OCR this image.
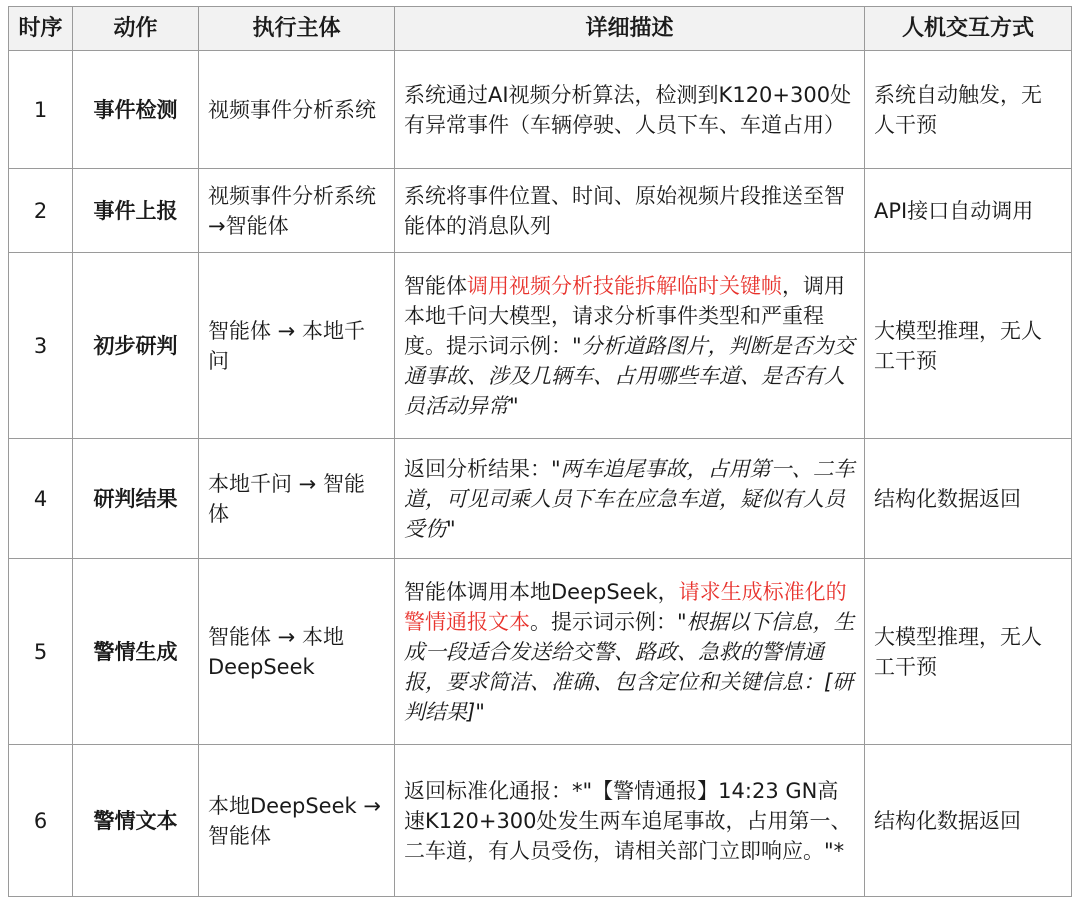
时序	动作	执行主体	详细描述	人机交互方式
1	事件检测	视频事件分析系统	系统通过AI视频分析算法，检测到K120+300处有异常事件（车辆停驶、人员下车、车道占用）	系统自动触发，无人干预
2	事件上报	视频事件分析系统→智能体	系统将事件位置、时间、原始视频片段推送至智能体的消息队列	API接口自动调用
3	初步研判	智能体 → 本地千问	智能体调用视频分析技能拆解临时关键帧，调用本地千问大模型，请求分析事件类型和严重程度。提示词示例："分析道路图片，判断是否为交通事故、涉及几辆车、占用哪些车道、是否有人员活动异常"	大模型推理，无人工干预
4	研判结果	本地千问 → 智能体	返回分析结果："两车追尾事故，占用第一、二车道，可见司乘人员下车在应急车道，疑似有人员受伤"	结构化数据返回
5	警情生成	智能体 → 本地DeepSeek	智能体调用本地DeepSeek，请求生成标准化的警情通报文本。提示词示例："根据以下信息，生成一段适合发送给交警、路政、急救的警情通报，要求简洁、准确、包含定位和关键信息：[研判结果]"	大模型推理，无人工干预
6	警情文本	本地DeepSeek → 智能体	返回标准化通报：*"【警情通报】14:23 GN高速K120+300处发生两车追尾事故，占用第一、二车道，有人员受伤，请相关部门立即响应。"*	结构化数据返回
